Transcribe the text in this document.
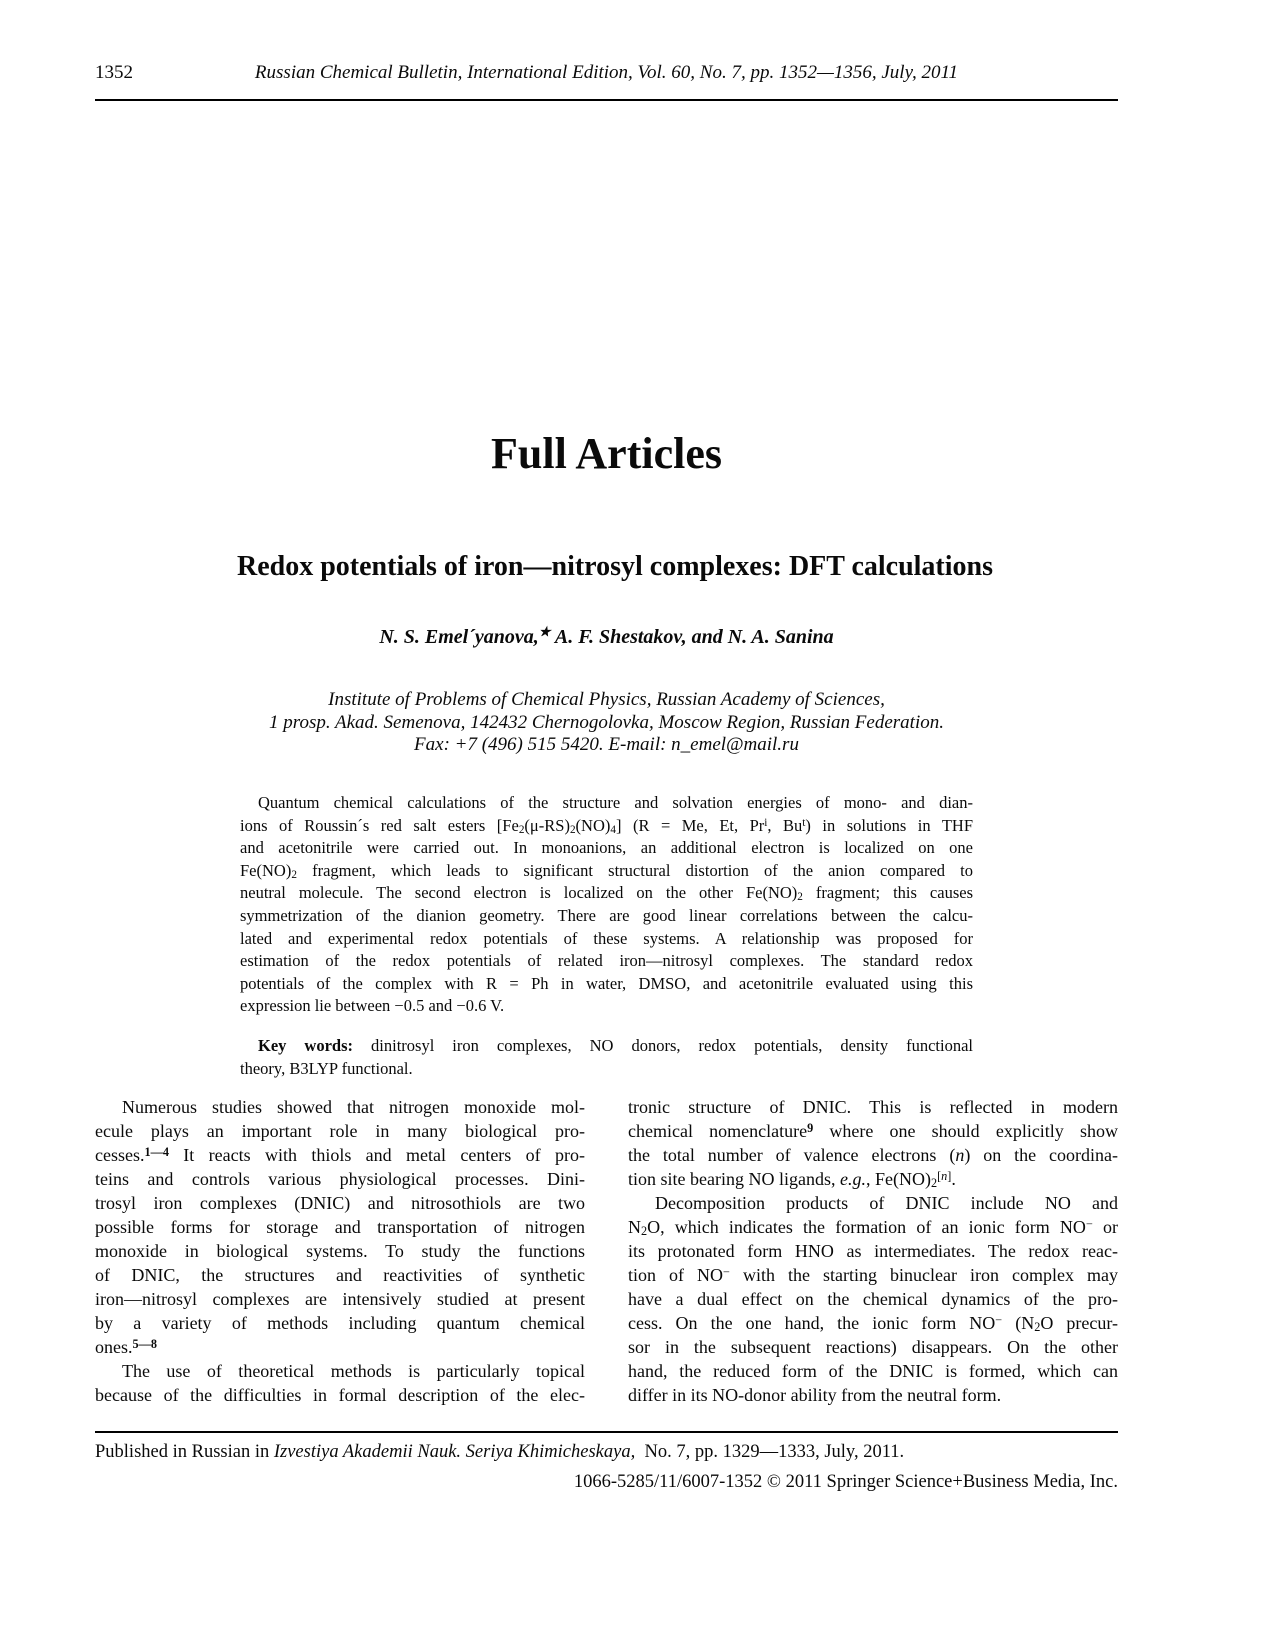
1352	Russian Chemical Bulletin, International Edition, Vol. 60, No. 7, pp. 1352—1356, July, 2011
Full Articles
Redox potentials of iron—nitrosyl complexes: DFT calculations
N. S. Emel´yanova,★ A. F. Shestakov, and N. A. Sanina
Institute of Problems of Chemical Physics, Russian Academy of Sciences,
1 prosp. Akad. Semenova, 142432 Chernogolovka, Moscow Region, Russian Federation.
Fax: +7 (496) 515 5420. E-mail: n_emel@mail.ru
Quantum chemical calculations of the structure and solvation energies of mono- and dian-
ions of Roussin´s red salt esters $[Fe_2(\mu-RS)_2(NO)_4] (R = Me$, Et, Pr$^i$, Bu$^t$) in solutions in THF
and acetonitrile were carried out. In monoanions, an additional electron is localized on one
$Fe(NO)_2$ fragment, which leads to significant structural distortion of the anion compared to
neutral molecule. The second electron is localized on the other $Fe(NO)_2$ fragment; this causes
symmetrization of the dianion geometry. There are good linear correlations between the calcu-
lated and experimental redox potentials of these systems. A relationship was proposed for
estimation of the redox potentials of related iron—nitrosyl complexes. The standard redox
potentials of the complex with R = Ph in water, DMSO, and acetonitrile evaluated using this
expression lie between −0.5 and −0.6 V.
Key words: dinitrosyl iron complexes, NO donors, redox potentials, density functional
theory, B3LYP functional.
Numerous studies showed that nitrogen monoxide mol-
ecule plays an important role in many biological pro-
cesses.$^{1—4}$ It reacts with thiols and metal centers of pro-
teins and controls various physiological processes. Dini-
trosyl iron complexes (DNIC) and nitrosothiols are two
possible forms for storage and transportation of nitrogen
monoxide in biological systems. To study the functions
of DNIC, the structures and reactivities of synthetic
iron—nitrosyl complexes are intensively studied at present
by a variety of methods including quantum chemical
ones.$^{5—8}$
The use of theoretical methods is particularly topical
because of the difficulties in formal description of the elec-
tronic structure of DNIC. This is reflected in modern
chemical nomenclature$^9$ where one should explicitly show
the total number of valence electrons (n) on the coordina-
tion site bearing NO ligands, e.g., $Fe(NO)_2[n]$.
Decomposition products of DNIC include NO and
$N_2O$, which indicates the formation of an ionic form NO− or
its protonated form HNO as intermediates. The redox reac-
tion of NO− with the starting binuclear iron complex may
have a dual effect on the chemical dynamics of the pro-
cess. On the one hand, the ionic form NO− ($N_2O$ precur-
sor in the subsequent reactions) disappears. On the other
hand, the reduced form of the DNIC is formed, which can
differ in its NO-donor ability from the neutral form.
Published in Russian in Izvestiya Akademii Nauk. Seriya Khimicheskaya,  No. 7, pp. 1329—1333, July, 2011.
1066-5285/11/6007-1352 © 2011 Springer Science+Business Media, Inc.
